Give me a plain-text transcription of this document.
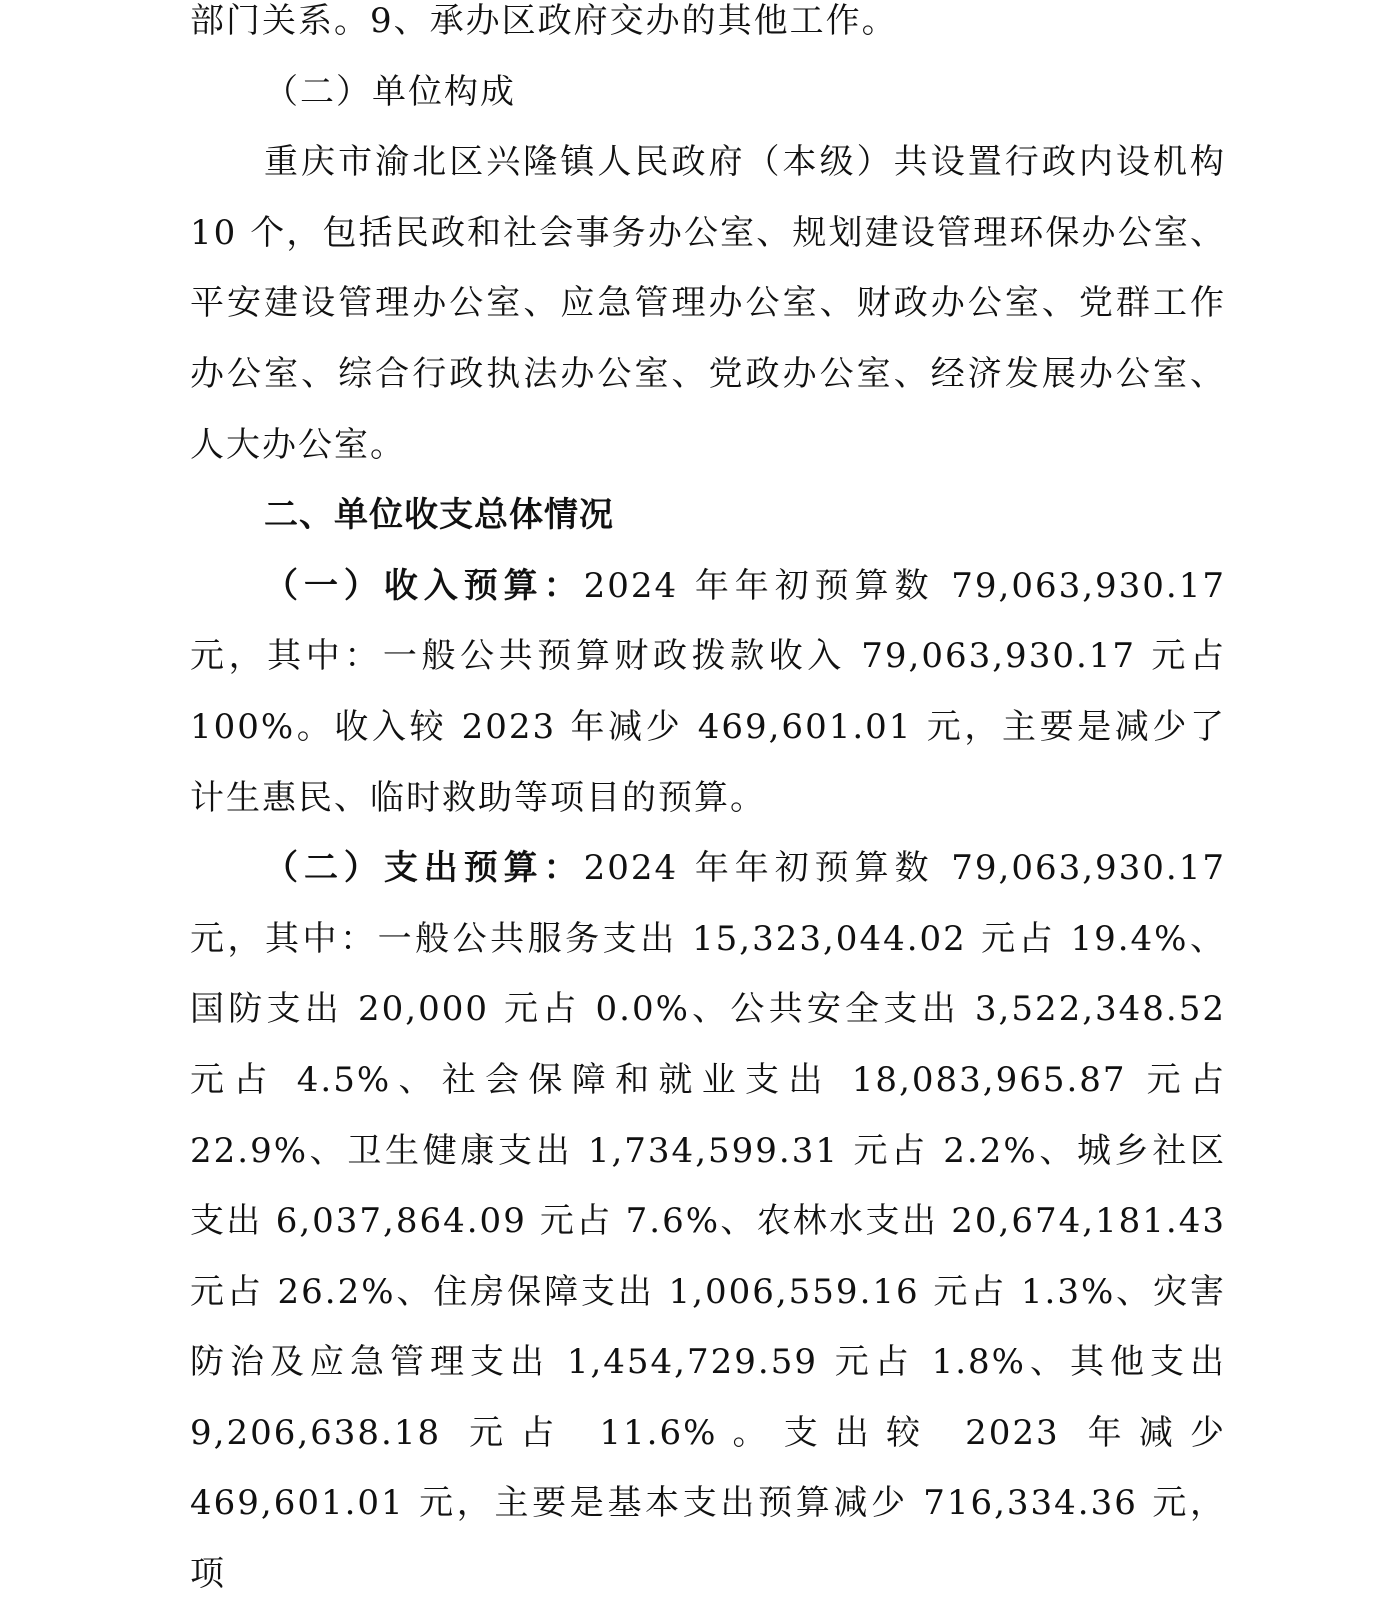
部门关系。9、承办区政府交办的其他工作。

（二）单位构成

重庆市渝北区兴隆镇人民政府（本级）共设置行政内设机构 10 个，包括民政和社会事务办公室、规划建设管理环保办公室、平安建设管理办公室、应急管理办公室、财政办公室、党群工作办公室、综合行政执法办公室、党政办公室、经济发展办公室、人大办公室。

二、单位收支总体情况

（一）收入预算：2024 年年初预算数 79,063,930.17 元，其中：一般公共预算财政拨款收入 79,063,930.17 元占 100%。收入较 2023 年减少 469,601.01 元，主要是减少了计生惠民、临时救助等项目的预算。

（二）支出预算：2024 年年初预算数 79,063,930.17 元，其中：一般公共服务支出 15,323,044.02 元占 19.4%、国防支出 20,000 元占 0.0%、公共安全支出 3,522,348.52 元占 4.5%、社会保障和就业支出 18,083,965.87 元占 22.9%、卫生健康支出 1,734,599.31 元占 2.2%、城乡社区支出 6,037,864.09 元占 7.6%、农林水支出 20,674,181.43 元占 26.2%、住房保障支出 1,006,559.16 元占 1.3%、灾害防治及应急管理支出 1,454,729.59 元占 1.8%、其他支出 9,206,638.18 元占 11.6%。支出较 2023 年减少 469,601.01 元，主要是基本支出预算减少 716,334.36 元，项
